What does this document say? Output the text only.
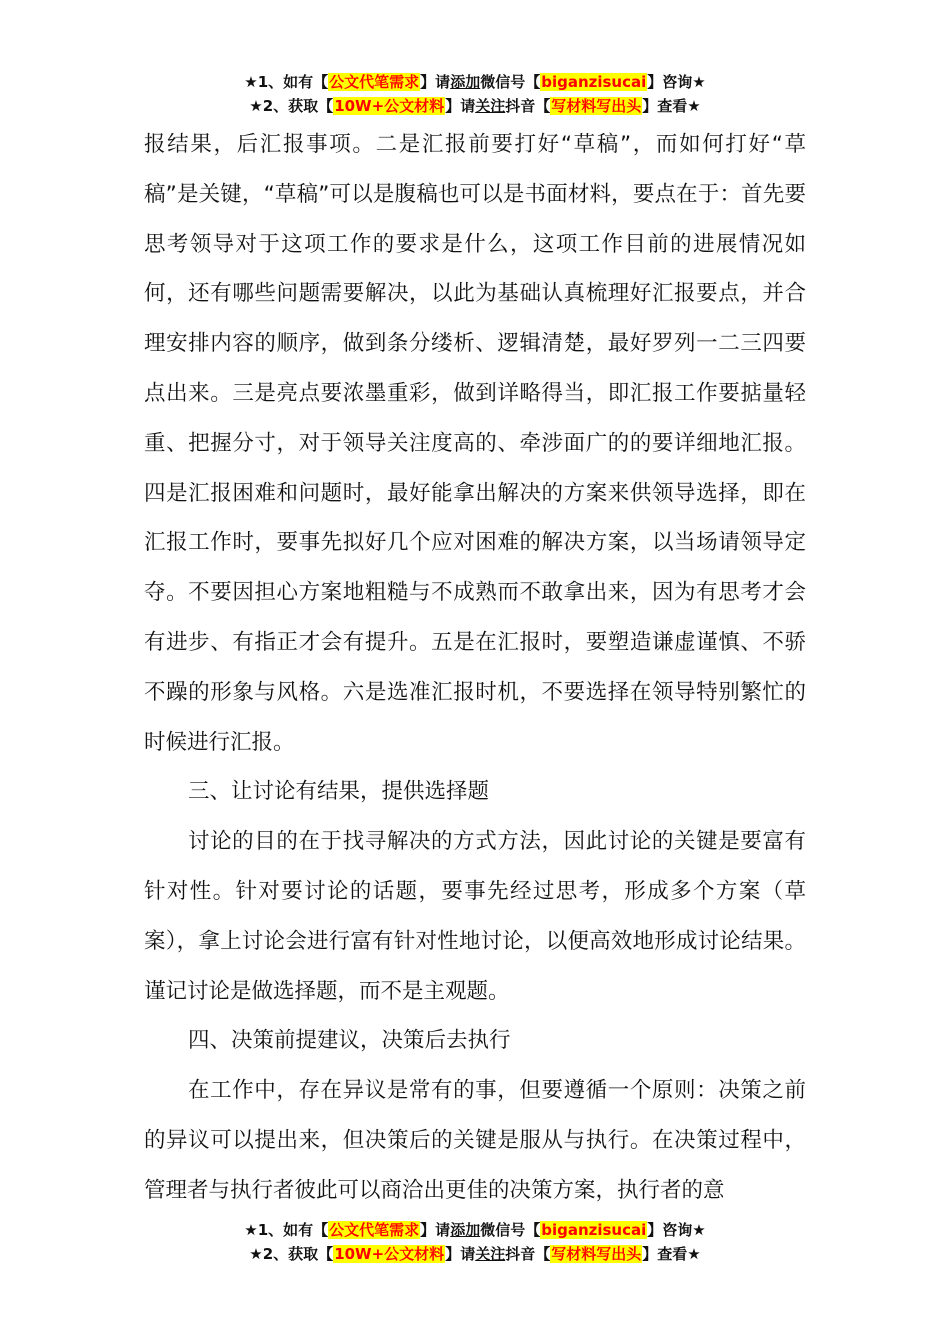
★1、如有【公文代笔需求】请添加微信号【biganzisucai】咨询★
★2、获取【10W+公文材料】请关注抖音【写材料写出头】查看★

报结果，后汇报事项。二是汇报前要打好“草稿”，而如何打好“草稿”是关键，“草稿”可以是腹稿也可以是书面材料，要点在于：首先要思考领导对于这项工作的要求是什么，这项工作目前的进展情况如何，还有哪些问题需要解决，以此为基础认真梳理好汇报要点，并合理安排内容的顺序，做到条分缕析、逻辑清楚，最好罗列一二三四要点出来。三是亮点要浓墨重彩，做到详略得当，即汇报工作要掂量轻重、把握分寸，对于领导关注度高的、牵涉面广的的要详细地汇报。四是汇报困难和问题时，最好能拿出解决的方案来供领导选择，即在汇报工作时，要事先拟好几个应对困难的解决方案，以当场请领导定夺。不要因担心方案地粗糙与不成熟而不敢拿出来，因为有思考才会有进步、有指正才会有提升。五是在汇报时，要塑造谦虚谨慎、不骄不躁的形象与风格。六是选准汇报时机，不要选择在领导特别繁忙的时候进行汇报。

三、让讨论有结果，提供选择题

讨论的目的在于找寻解决的方式方法，因此讨论的关键是要富有针对性。针对要讨论的话题，要事先经过思考，形成多个方案（草案），拿上讨论会进行富有针对性地讨论，以便高效地形成讨论结果。谨记讨论是做选择题，而不是主观题。

四、决策前提建议，决策后去执行

在工作中，存在异议是常有的事，但要遵循一个原则：决策之前的异议可以提出来，但决策后的关键是服从与执行。在决策过程中，管理者与执行者彼此可以商洽出更佳的决策方案，执行者的意

★1、如有【公文代笔需求】请添加微信号【biganzisucai】咨询★
★2、获取【10W+公文材料】请关注抖音【写材料写出头】查看★
